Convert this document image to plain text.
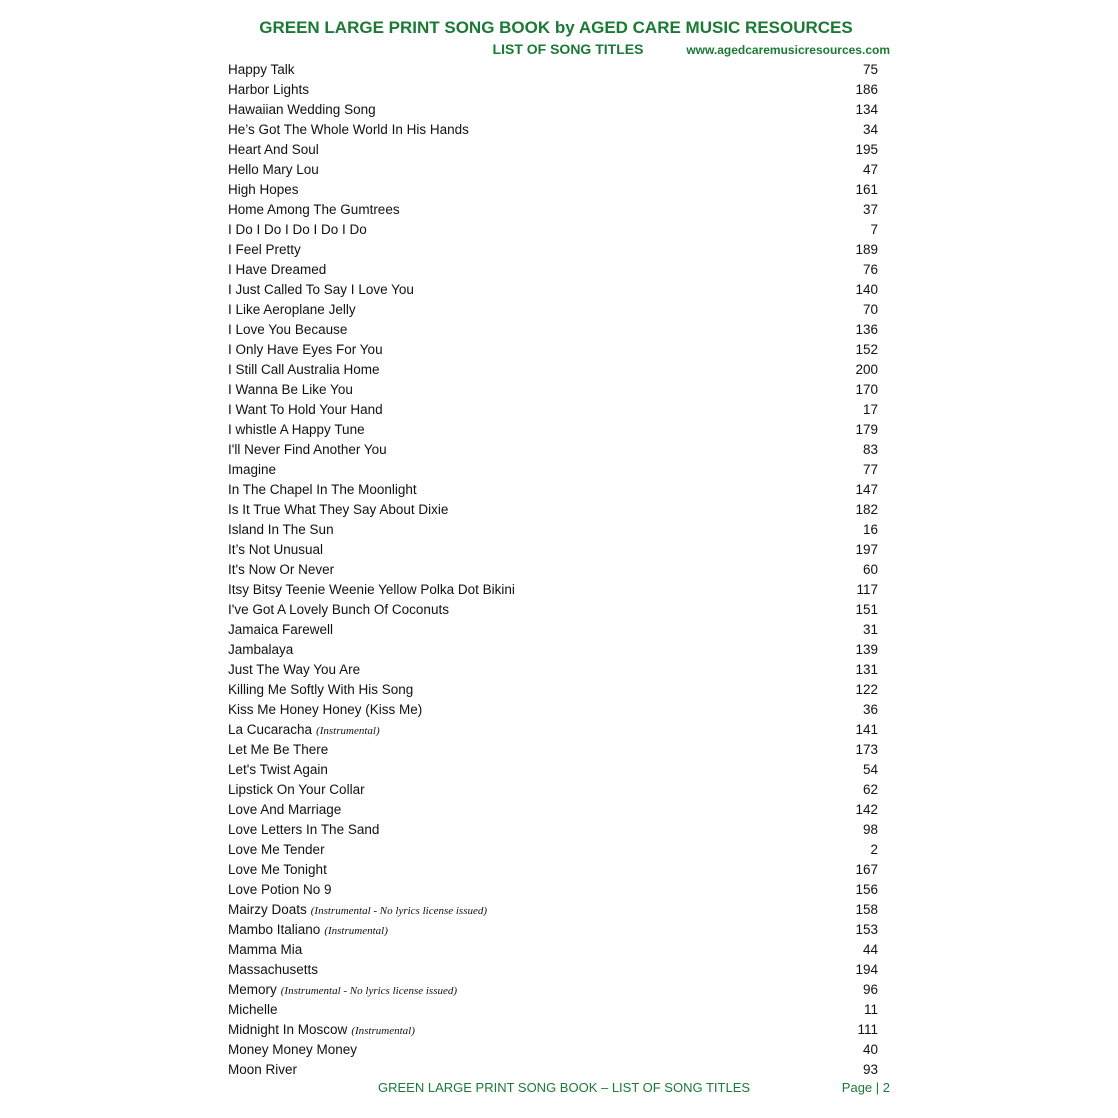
GREEN LARGE PRINT SONG BOOK by AGED CARE MUSIC RESOURCES
LIST OF SONG TITLES	www.agedcaremusicresources.com
Happy Talk	75
Harbor Lights	186
Hawaiian Wedding Song	134
He’s Got The Whole World In His Hands	34
Heart And Soul	195
Hello Mary Lou	47
High Hopes	161
Home Among The Gumtrees	37
I Do I Do I Do I Do I Do	7
I Feel Pretty	189
I Have Dreamed	76
I Just Called To Say I Love You	140
I Like Aeroplane Jelly	70
I Love You Because	136
I Only Have Eyes For You	152
I Still Call Australia Home	200
I Wanna Be Like You	170
I Want To Hold Your Hand	17
I whistle A Happy Tune	179
I'll Never Find Another You	83
Imagine	77
In The Chapel In The Moonlight	147
Is It True What They Say About Dixie	182
Island In The Sun	16
It’s Not Unusual	197
It's Now Or Never	60
Itsy Bitsy Teenie Weenie Yellow Polka Dot Bikini	117
I've Got A Lovely Bunch Of Coconuts	151
Jamaica Farewell	31
Jambalaya	139
Just The Way You Are	131
Killing Me Softly With His Song	122
Kiss Me Honey Honey (Kiss Me)	36
La Cucaracha (Instrumental)	141
Let Me Be There	173
Let's Twist Again	54
Lipstick On Your Collar	62
Love And Marriage	142
Love Letters In The Sand	98
Love Me Tender	2
Love Me Tonight	167
Love Potion No 9	156
Mairzy Doats (Instrumental - No lyrics license issued)	158
Mambo Italiano (Instrumental)	153
Mamma Mia	44
Massachusetts	194
Memory (Instrumental - No lyrics license issued)	96
Michelle	11
Midnight In Moscow (Instrumental)	111
Money Money Money	40
Moon River	93
GREEN LARGE PRINT SONG BOOK – LIST OF SONG TITLES	Page | 2
